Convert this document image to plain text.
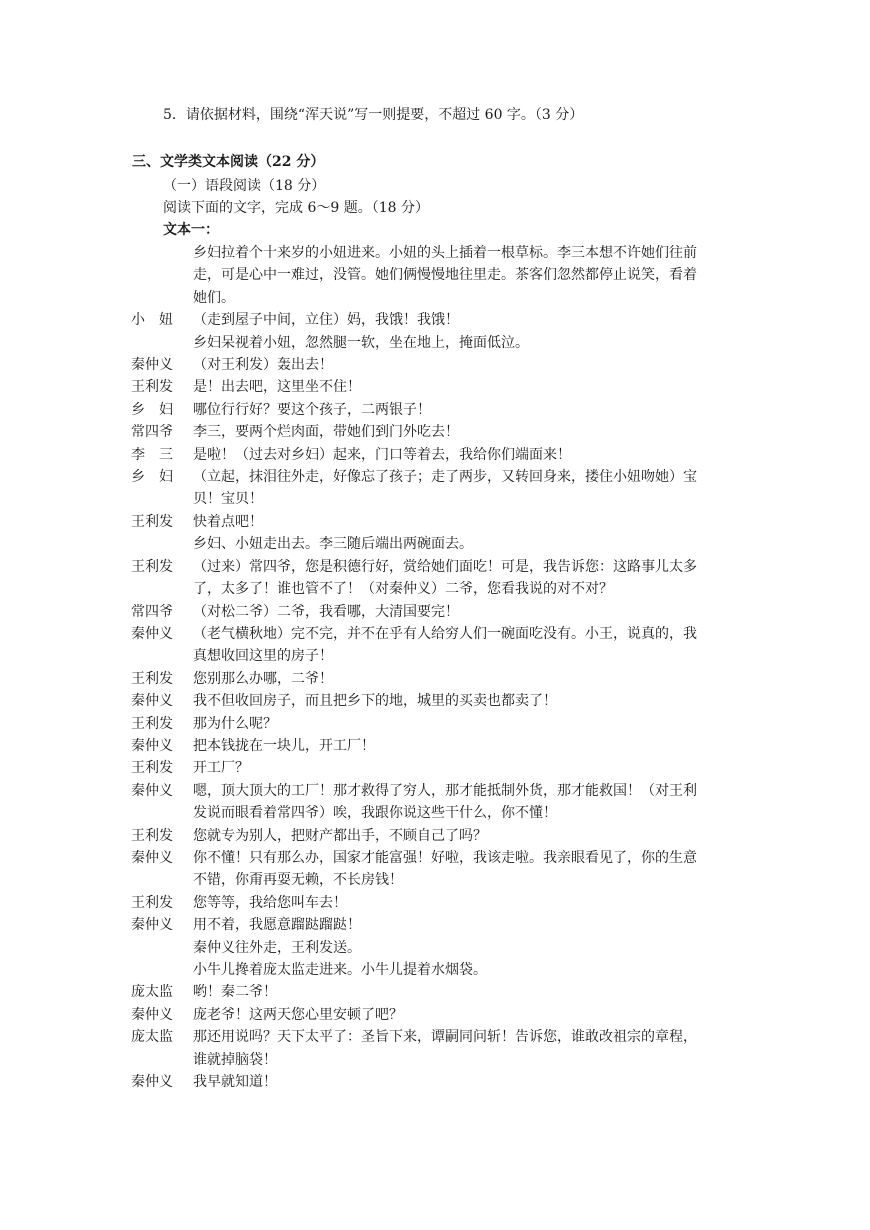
5．请依据材料，围绕“浑天说”写一则提要，不超过 60 字。（3 分）
三、文学类文本阅读（22 分）
（一）语段阅读（18 分）
阅读下面的文字，完成 6～9 题。（18 分）
文本一：
乡妇拉着个十来岁的小妞进来。小妞的头上插着一根草标。李三本想不许她们往前
走，可是心中一难过，没管。她们俩慢慢地往里走。茶客们忽然都停止说笑，看着
她们。
小　妞	（走到屋子中间，立住）妈，我饿！我饿！
乡妇呆视着小妞，忽然腿一软，坐在地上，掩面低泣。
秦仲义	（对王利发）轰出去！
王利发	是！出去吧，这里坐不住！
乡　妇	哪位行行好？要这个孩子，二两银子！
常四爷	李三，要两个烂肉面，带她们到门外吃去！
李　三	是啦！（过去对乡妇）起来，门口等着去，我给你们端面来！
乡　妇	（立起，抹泪往外走，好像忘了孩子；走了两步，又转回身来，搂住小妞吻她）宝
贝！宝贝！
王利发	快着点吧！
乡妇、小妞走出去。李三随后端出两碗面去。
王利发	（过来）常四爷，您是积德行好，赏给她们面吃！可是，我告诉您：这路事儿太多
了，太多了！谁也管不了！（对秦仲义）二爷，您看我说的对不对？
常四爷	（对松二爷）二爷，我看哪，大清国要完！
秦仲义	（老气横秋地）完不完，并不在乎有人给穷人们一碗面吃没有。小王，说真的，我
真想收回这里的房子！
王利发	您别那么办哪，二爷！
秦仲义	我不但收回房子，而且把乡下的地，城里的买卖也都卖了！
王利发	那为什么呢？
秦仲义	把本钱拢在一块儿，开工厂！
王利发	开工厂？
秦仲义	嗯，顶大顶大的工厂！那才救得了穷人，那才能抵制外货，那才能救国！（对王利
发说而眼看着常四爷）唉，我跟你说这些干什么，你不懂！
王利发	您就专为别人，把财产都出手，不顾自己了吗？
秦仲义	你不懂！只有那么办，国家才能富强！好啦，我该走啦。我亲眼看见了，你的生意
不错，你甭再耍无赖，不长房钱！
王利发	您等等，我给您叫车去！
秦仲义	用不着，我愿意蹓跶蹓跶！
秦仲义往外走，王利发送。
小牛儿搀着庞太监走进来。小牛儿提着水烟袋。
庞太监	哟！秦二爷！
秦仲义	庞老爷！这两天您心里安顿了吧？
庞太监	那还用说吗？天下太平了：圣旨下来，谭嗣同问斩！告诉您，谁敢改祖宗的章程，
谁就掉脑袋！
秦仲义	我早就知道！
